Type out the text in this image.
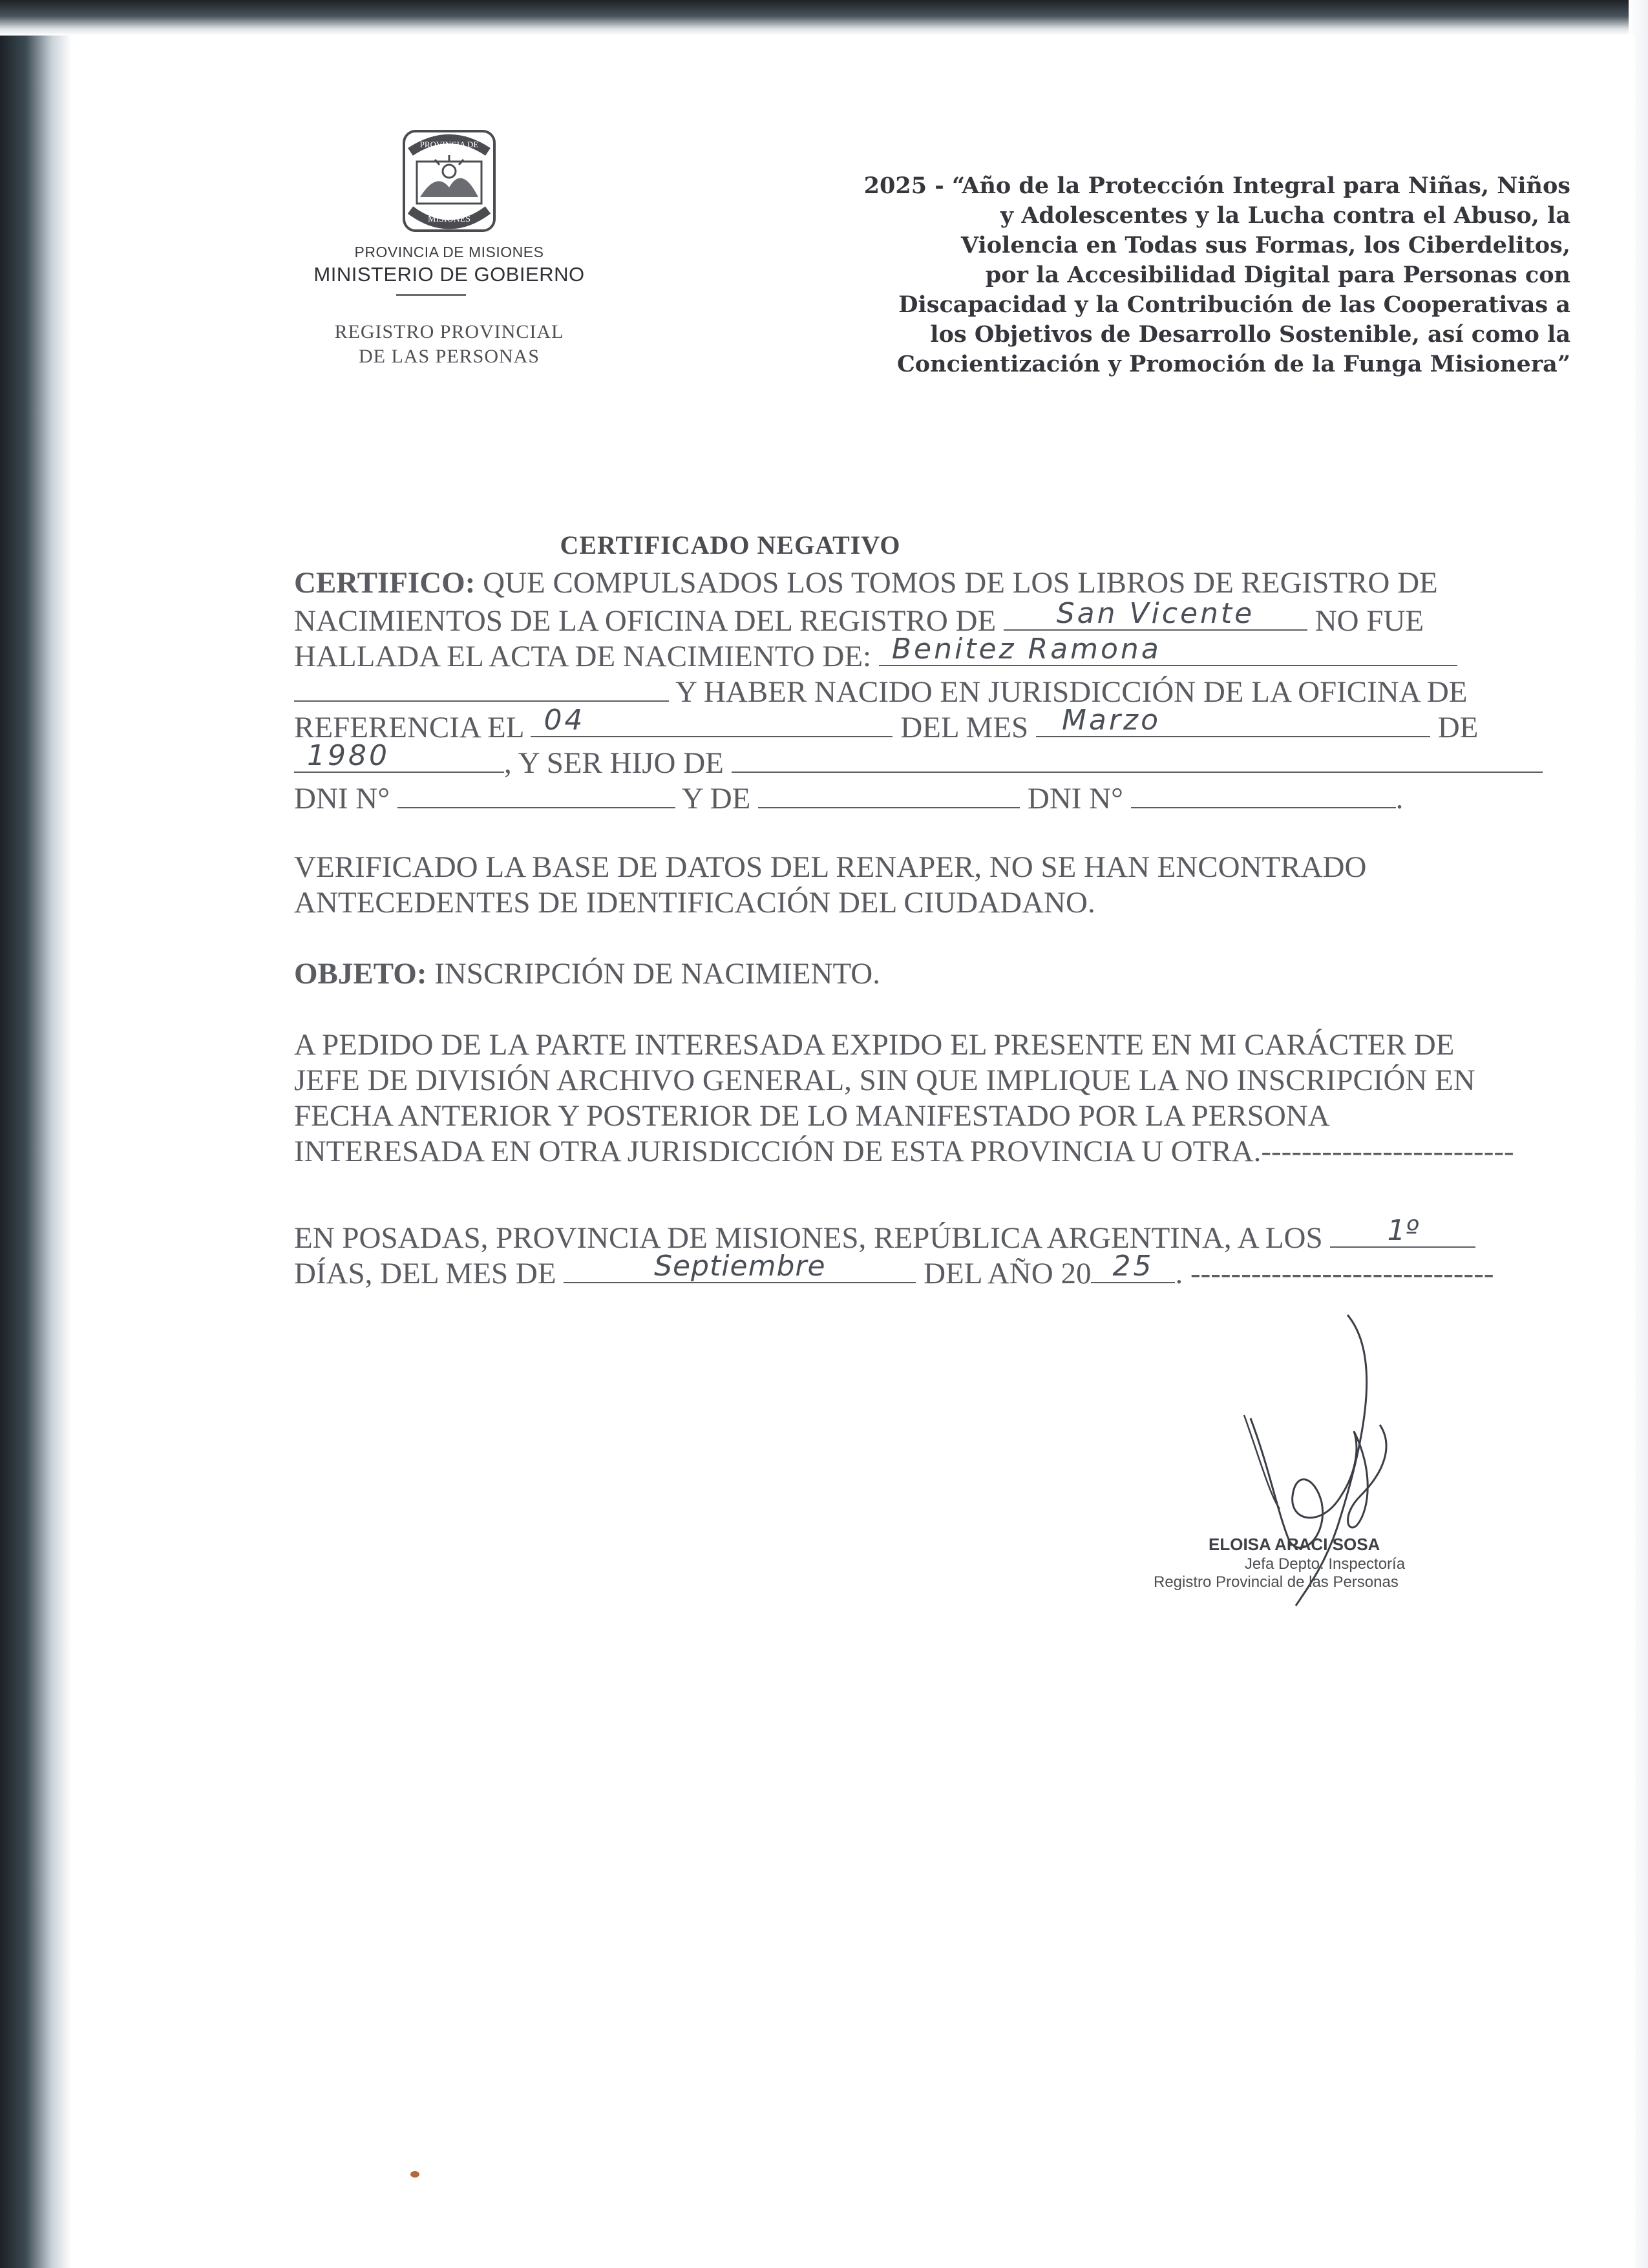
PROVINCIA DE
MISIONES
PROVINCIA DE MISIONES
MINISTERIO DE GOBIERNO
REGISTRO PROVINCIAL
DE LAS PERSONAS
2025 - “Año de la Protección Integral para Niñas, Niños
y Adolescentes y la Lucha contra el Abuso, la
Violencia en Todas sus Formas, los Ciberdelitos,
por la Accesibilidad Digital para Personas con
Discapacidad y la Contribución de las Cooperativas a
los Objetivos de Desarrollo Sostenible, así como la
Concientización y Promoción de la Funga Misionera”
CERTIFICADO NEGATIVO
CERTIFICO: QUE COMPULSADOS LOS TOMOS DE LOS LIBROS DE REGISTRO DE
NACIMIENTOS DE LA OFICINA DEL REGISTRO DE	San Vicente	NO FUE
HALLADA EL ACTA DE NACIMIENTO DE: Benitez Ramona
Y HABER NACIDO EN JURISDICCIÓN DE LA OFICINA DE
REFERENCIA EL 04	DEL MES Marzo	DE
1980	, Y SER HIJO DE
DNI N°	Y DE	DNI N°	.
VERIFICADO LA BASE DE DATOS DEL RENAPER, NO SE HAN ENCONTRADO
ANTECEDENTES DE IDENTIFICACIÓN DEL CIUDADANO.
OBJETO: INSCRIPCIÓN DE NACIMIENTO.
A PEDIDO DE LA PARTE INTERESADA EXPIDO EL PRESENTE EN MI CARÁCTER DE
JEFE DE DIVISIÓN ARCHIVO GENERAL, SIN QUE IMPLIQUE LA NO INSCRIPCIÓN EN
FECHA ANTERIOR Y POSTERIOR DE LO MANIFESTADO POR LA PERSONA
INTERESADA EN OTRA JURISDICCIÓN DE ESTA PROVINCIA U OTRA.-------------------------
EN POSADAS, PROVINCIA DE MISIONES, REPÚBLICA ARGENTINA, A LOS	1º
DÍAS, DEL MES DE	Septiembre	DEL AÑO 20 25 . ------------------------------
ELOISA ARACI SOSA
Jefa Depto. Inspectoría
Registro Provincial de las Personas
